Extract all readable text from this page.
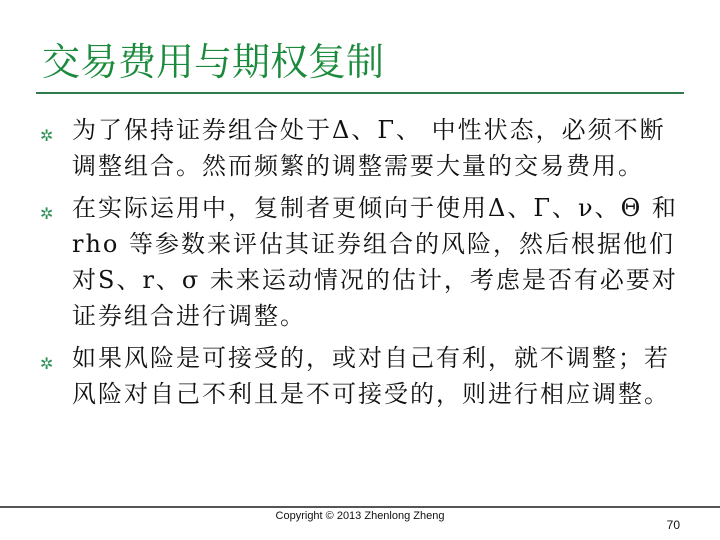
交易费用与期权复制
✲ 为了保持证券组合处于Δ、Γ、 中性状态，必须不断调整组合。然而频繁的调整需要大量的交易费用。
✲ 在实际运用中，复制者更倾向于使用Δ、Γ、ν、Θ 和rho 等参数来评估其证券组合的风险，然后根据他们对S、r、σ 未来运动情况的估计，考虑是否有必要对证券组合进行调整。
✲ 如果风险是可接受的，或对自己有利，就不调整；若风险对自己不利且是不可接受的，则进行相应调整。
Copyright © 2013 Zhenlong Zheng
70
